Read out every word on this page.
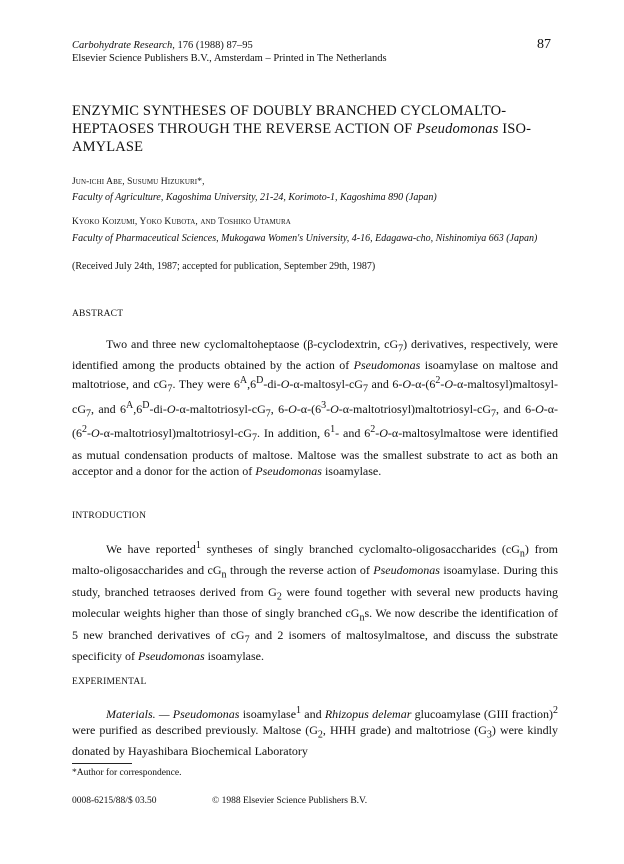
Carbohydrate Research, 176 (1988) 87–95
Elsevier Science Publishers B.V., Amsterdam – Printed in The Netherlands
87
ENZYMIC SYNTHESES OF DOUBLY BRANCHED CYCLOMALTO-HEPTAOSES THROUGH THE REVERSE ACTION OF Pseudomonas ISO-AMYLASE
Jun-ichi Abe, Susumu Hizukuri*,
Faculty of Agriculture, Kagoshima University, 21-24, Korimoto-1, Kagoshima 890 (Japan)
Kyoko Koizumi, Yoko Kubota, and Toshiko Utamura
Faculty of Pharmaceutical Sciences, Mukogawa Women's University, 4-16, Edagawa-cho, Nishinomiya 663 (Japan)
(Received July 24th, 1987; accepted for publication, September 29th, 1987)
ABSTRACT

Two and three new cyclomaltoheptaose (β-cyclodextrin, $cG_7$) derivatives, respectively, were identified among the products obtained by the action of Pseudomonas isoamylase on maltose and maltotriose, and $cG_7$. They were $6^A,6^D-di-O-\alpha-maltosyl-cG_7$ and $6-O-\alpha-(6^2-O-\alpha-maltosyl)maltosyl-cG_7$, and $6^A,6^D-di-O-\alpha-maltotriosyl-cG_7$, $6-O-\alpha-(6^3-O-\alpha-maltotriosyl)maltotriosyl-cG_7$, and $6-O-\alpha-(6^2-O-\alpha-maltotriosyl)maltotriosyl-cG_7$. In addition, $6^1-$ and $6^2-O-\alpha$-maltosylmaltose were identified as mutual condensation products of maltose. Maltose was the smallest substrate to act as both an acceptor and a donor for the action of Pseudomonas isoamylase.

INTRODUCTION

We have reported$^1$ syntheses of singly branched cyclomalto-oligosaccharides $(cG_n)$ from malto-oligosaccharides and $cG_n$ through the reverse action of Pseudomonas isoamylase. During this study, branched tetraoses derived from $G_2$ were found together with several new products having molecular weights higher than those of singly branched $cG_ns$. We now describe the identification of 5 new branched derivatives of $cG_7$ and 2 isomers of maltosylmaltose, and discuss the substrate specificity of Pseudomonas isoamylase.

EXPERIMENTAL

Materials. — Pseudomonas isoamylase$^1$ and Rhizopus delemar glucoamylase (GIII fraction)$^2$ were purified as described previously. Maltose ($G_2$, HHH grade) and maltotriose $(G_3)$ were kindly donated by Hayashibara Biochemical Laboratory

*Author for correspondence.
0008-6215/88/$ 03.50	© 1988 Elsevier Science Publishers B.V.
